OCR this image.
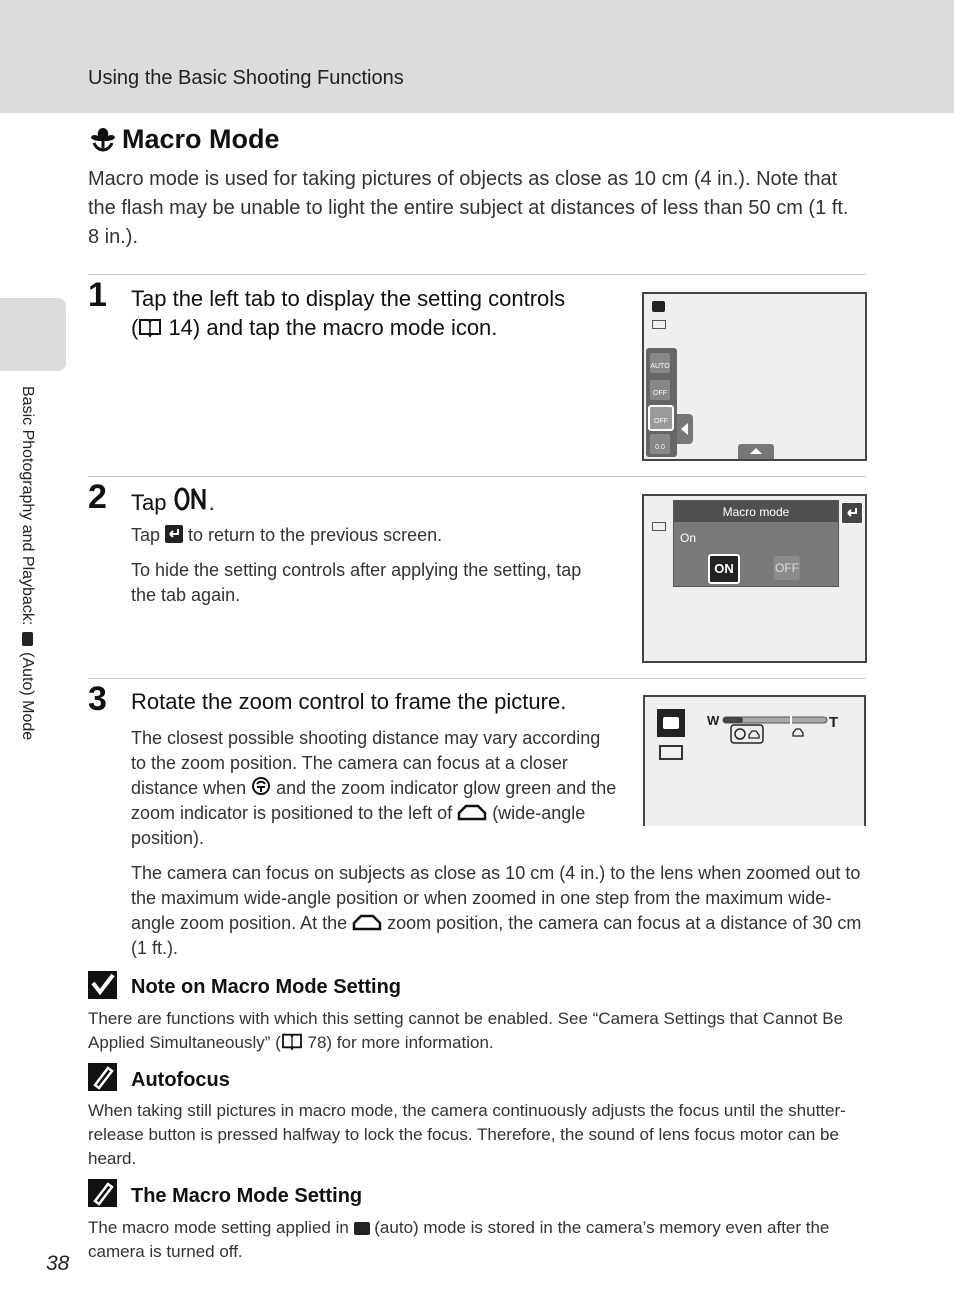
Using the Basic Shooting Functions
Basic Photography and Playback:  (Auto) Mode
Macro Mode
Macro mode is used for taking pictures of objects as close as 10 cm (4 in.). Note that the flash may be unable to light the entire subject at distances of less than 50 cm (1 ft. 8 in.).
1 Tap the left tab to display the setting controls
( 14) and tap the macro mode icon.
AUTO
OFF
OFF
0.0
2 Tap .
Tap  to return to the previous screen.
To hide the setting controls after applying the setting, tap the tab again.
Macro mode
On
ON	OFF
3 Rotate the zoom control to frame the picture.
The closest possible shooting distance may vary according to the zoom position. The camera can focus at a closer distance when  and the zoom indicator glow green and the zoom indicator is positioned to the left of  (wide-angle position).
The camera can focus on subjects as close as 10 cm (4 in.) to the lens when zoomed out to the maximum wide-angle position or when zoomed in one step from the maximum wide-angle zoom position. At the  zoom position, the camera can focus at a distance of 30 cm (1 ft.).
W	T
Note on Macro Mode Setting
There are functions with which this setting cannot be enabled. See “Camera Settings that Cannot Be Applied Simultaneously” ( 78) for more information.
Autofocus
When taking still pictures in macro mode, the camera continuously adjusts the focus until the shutter-release button is pressed halfway to lock the focus. Therefore, the sound of lens focus motor can be heard.
The Macro Mode Setting
The macro mode setting applied in  (auto) mode is stored in the camera’s memory even after the camera is turned off.
38
